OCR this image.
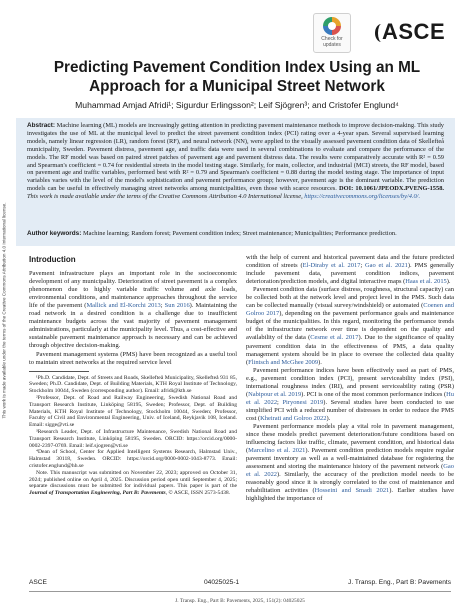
This work is made available under the terms of the Creative Commons Attribution 4.0 International license.
Check for
updates
ASCE
Predicting Pavement Condition Index Using an ML Approach for a Municipal Street Network
Muhammad Amjad Afridi¹; Sigurdur Erlingsson²; Leif Sjögren³; and Cristofer Englund⁴
Abstract: Machine learning (ML) models are increasingly getting attention in predicting pavement maintenance methods to improve decision-making. This study investigates the use of ML at the municipal level to predict the street pavement condition index (PCI) rating over a 4-year span. Several supervised learning models, namely linear regression (LR), random forest (RF), and neural network (NN), were applied to the visually assessed pavement condition data of Skellefteå municipality, Sweden. Pavement distress, pavement age, and traffic data were used in several combinations to evaluate and compare the performance of the models. The RF model was based on paired street patches of pavement age and pavement distress data. The results were comparatively accurate with R² = 0.59 and Spearman's coefficient = 0.74 for residential streets in the model testing stage. Similarly, for main, collector, and industrial (MCI) streets, the RF model, based on pavement age and traffic variables, performed best with R² = 0.79 and Spearman's coefficient = 0.88 during the model testing stage. The importance of input variables varies with the level of the model's sophistication and pavement performance group; however, pavement age is the dominant variable. The prediction models can be useful in effectively managing street networks among municipalities, even those with scarce resources. DOI: 10.1061/JPEODX.PVENG-1558. This work is made available under the terms of the Creative Commons Attribution 4.0 International license, https://creativecommons.org/licenses/by/4.0/.
Author keywords: Machine learning; Random forest; Pavement condition index; Street maintenance; Municipalities; Performance prediction.
Introduction

Pavement infrastructure plays an important role in the socioeconomic development of any municipality. Deterioration of street pavement is a complex phenomenon due to highly variable traffic volume and axle loads, environmental conditions, and maintenance approaches throughout the service life of the pavement (Mallick and El-Korchi 2013; Sun 2016). Maintaining the road network in a desired condition is a challenge due to insufficient maintenance budgets across the vast majority of pavement management administrations, particularly at the municipality level. Thus, a cost-effective and sustainable pavement maintenance approach is necessary and can be achieved through objective decision-making.

Pavement management systems (PMS) have been recognized as a useful tool to maintain street networks at the required service level

¹Ph.D. Candidate, Dept. of Streets and Roads, Skellefteå Municipality, Skellefteå 931 85, Sweden; Ph.D. Candidate, Dept. of Building Materials, KTH Royal Institute of Technology, Stockholm 10044, Sweden (corresponding author). Email: afridi@kth.se

²Professor, Dept. of Road and Railway Engineering, Swedish National Road and Transport Research Institute, Linköping 58195, Sweden; Professor, Dept. of Building Materials, KTH Royal Institute of Technology, Stockholm 10044, Sweden; Professor, Faculty of Civil and Environmental Engineering, Univ. of Iceland, Reykjavik 108, Iceland. Email: sigge@vti.se

³Research Leader, Dept. of Infrastructure Maintenance, Swedish National Road and Transport Research Institute, Linköping 58195, Sweden. ORCID: https://orcid.org/0000-0002-2397-0769. Email: leif.sjogren@vti.se

⁴Dean of School, Center for Applied Intelligent Systems Research, Halmstad Univ., Halmstad 30118, Sweden. ORCID: https://orcid.org/0000-0002-1043-8773. Email: cristofer.englund@hh.se

Note. This manuscript was submitted on November 22, 2023; approved on October 31, 2024; published online on April 4, 2025. Discussion period open until September 4, 2025; separate discussions must be submitted for individual papers. This paper is part of the Journal of Transportation Engineering, Part B: Pavements, © ASCE, ISSN 2573-5438.

with the help of current and historical pavement data and the future predicted condition of streets (El-Diraby et al. 2017; Gao et al. 2021). PMS generally include pavement data, pavement condition indices, pavement deterioration/prediction models, and digital interactive maps (Haas et al. 2015).

Pavement condition data (surface distress, roughness, structural capacity) can be collected both at the network level and project level in the PMS. Such data can be collected manually (visual survey/windshield) or automated (Coenen and Golroo 2017), depending on the pavement performance goals and maintenance budget of the municipalities. In this regard, monitoring the performance trends of the infrastructure network over time is dependent on the quality and availability of the data (Cesme et al. 2017). Due to the significance of quality pavement condition data in the effectiveness of PMS, a data quality management system should be in place to oversee the collected data quality (Flintsch and McGhee 2009).

Pavement performance indices have been effectively used as part of PMS, e.g., pavement condition index (PCI), present serviceability index (PSI), international roughness index (IRI), and present serviceability rating (PSR) (Nabipour et al. 2019). PCI is one of the most common performance indices (Hu et al. 2022; Piryonesi 2019). Several studies have been conducted to use simplified PCI with a reduced number of distresses in order to reduce the PMS cost (Kheirati and Golroo 2022).

Pavement performance models play a vital role in pavement management, since these models predict pavement deterioration/future conditions based on influencing factors like traffic, climate, pavement condition, and historical data (Marcelino et al. 2021). Pavement condition prediction models require regular pavement inventory as well as a well-maintained database for registering the assessment and storing the maintenance history of the pavement network (Gao et al. 2022). Similarly, the accuracy of the prediction model needs to be reasonably good since it is strongly correlated to the cost of maintenance and rehabilitation activities (Hosseini and Smadi 2021). Earlier studies have highlighted the importance of

ASCE	04025025-1	J. Transp. Eng., Part B: Pavements
J. Transp. Eng., Part B: Pavements, 2025, 151(2): 04025025
